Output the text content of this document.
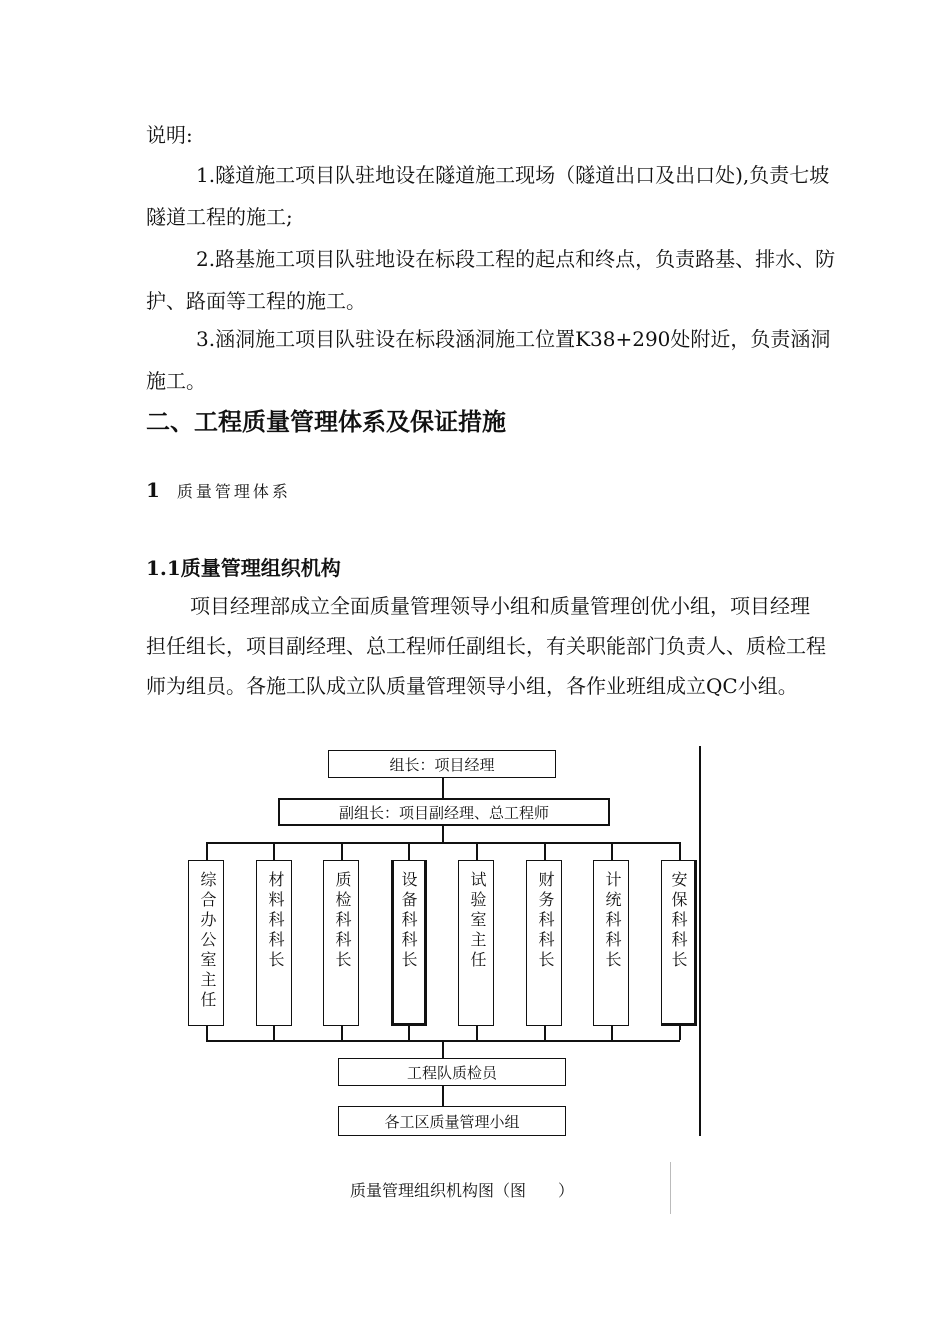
说明:

1.隧道施工项目队驻地设在隧道施工现场（隧道出口及出口处),负责七坡隧道工程的施工;

2.路基施工项目队驻地设在标段工程的起点和终点，负责路基、排水、防护、路面等工程的施工。

3.涵洞施工项目队驻设在标段涵洞施工位置K38+290处附近，负责涵洞施工。

二、工程质量管理体系及保证措施
1 质量管理体系
1.1质量管理组织机构

项目经理部成立全面质量管理领导小组和质量管理创优小组，项目经理担任组长，项目副经理、总工程师任副组长，有关职能部门负责人、质检工程师为组员。各施工队成立队质量管理领导小组，各作业班组成立QC小组。

组长：项目经理
副组长：项目副经理、总工程师
综合办公室主任	材料科科长	质检科科长	设备科科长	试验室主任	财务科科长	计统科科长	安保科科长
工程队质检员
各工区质量管理小组

质量管理组织机构图（图　　）
